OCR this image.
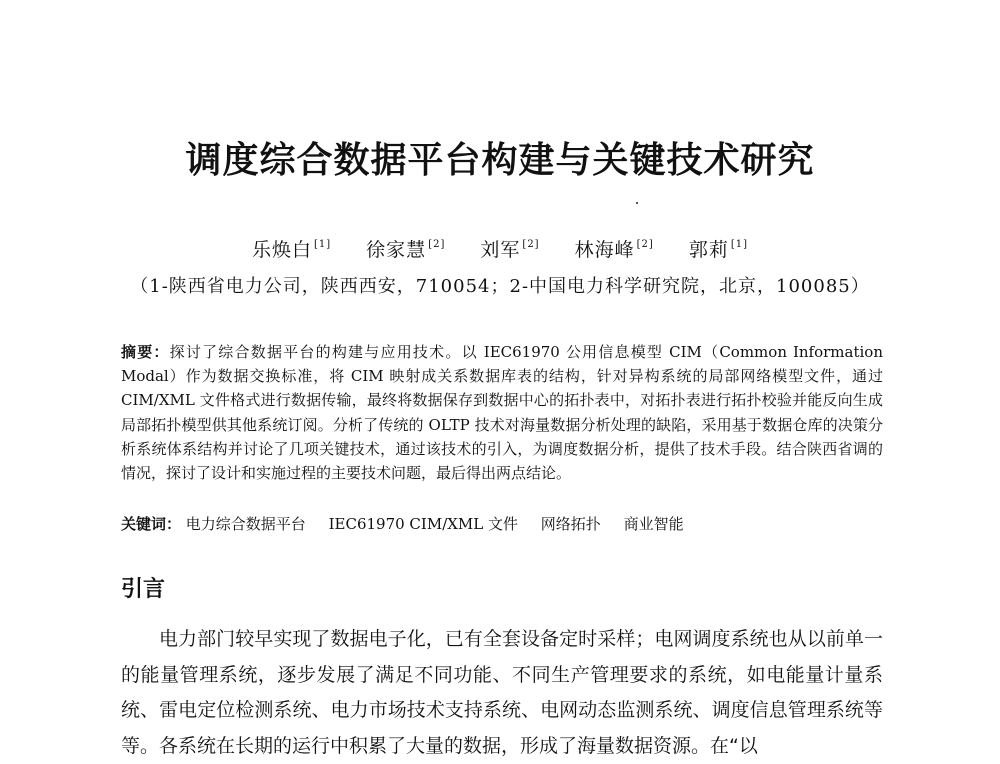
调度综合数据平台构建与关键技术研究
乐焕白 [1] 徐家慧 [2] 刘军 [2] 林海峰 [2] 郭莉 [1]
（1-陕西省电力公司，陕西西安，710054；2-中国电力科学研究院，北京，100085）
摘要：探讨了综合数据平台的构建与应用技术。以 IEC61970 公用信息模型 CIM（Common Information Modal）作为数据交换标准，将 CIM 映射成关系数据库表的结构，针对异构系统的局部网络模型文件，通过 CIM/XML 文件格式进行数据传输，最终将数据保存到数据中心的拓扑表中，对拓扑表进行拓扑校验并能反向生成局部拓扑模型供其他系统订阅。分析了传统的 OLTP 技术对海量数据分析处理的缺陷，采用基于数据仓库的决策分析系统体系结构并讨论了几项关键技术，通过该技术的引入，为调度数据分析，提供了技术手段。结合陕西省调的情况，探讨了设计和实施过程的主要技术问题，最后得出两点结论。
关键词： 电力综合数据平台 IEC61970 CIM/XML 文件 网络拓扑 商业智能
引言
电力部门较早实现了数据电子化，已有全套设备定时采样；电网调度系统也从以前单一的能量管理系统，逐步发展了满足不同功能、不同生产管理要求的系统，如电能量计量系统、雷电定位检测系统、电力市场技术支持系统、电网动态监测系统、调度信息管理系统等等。各系统在长期的运行中积累了大量的数据，形成了海量数据资源。在“以
